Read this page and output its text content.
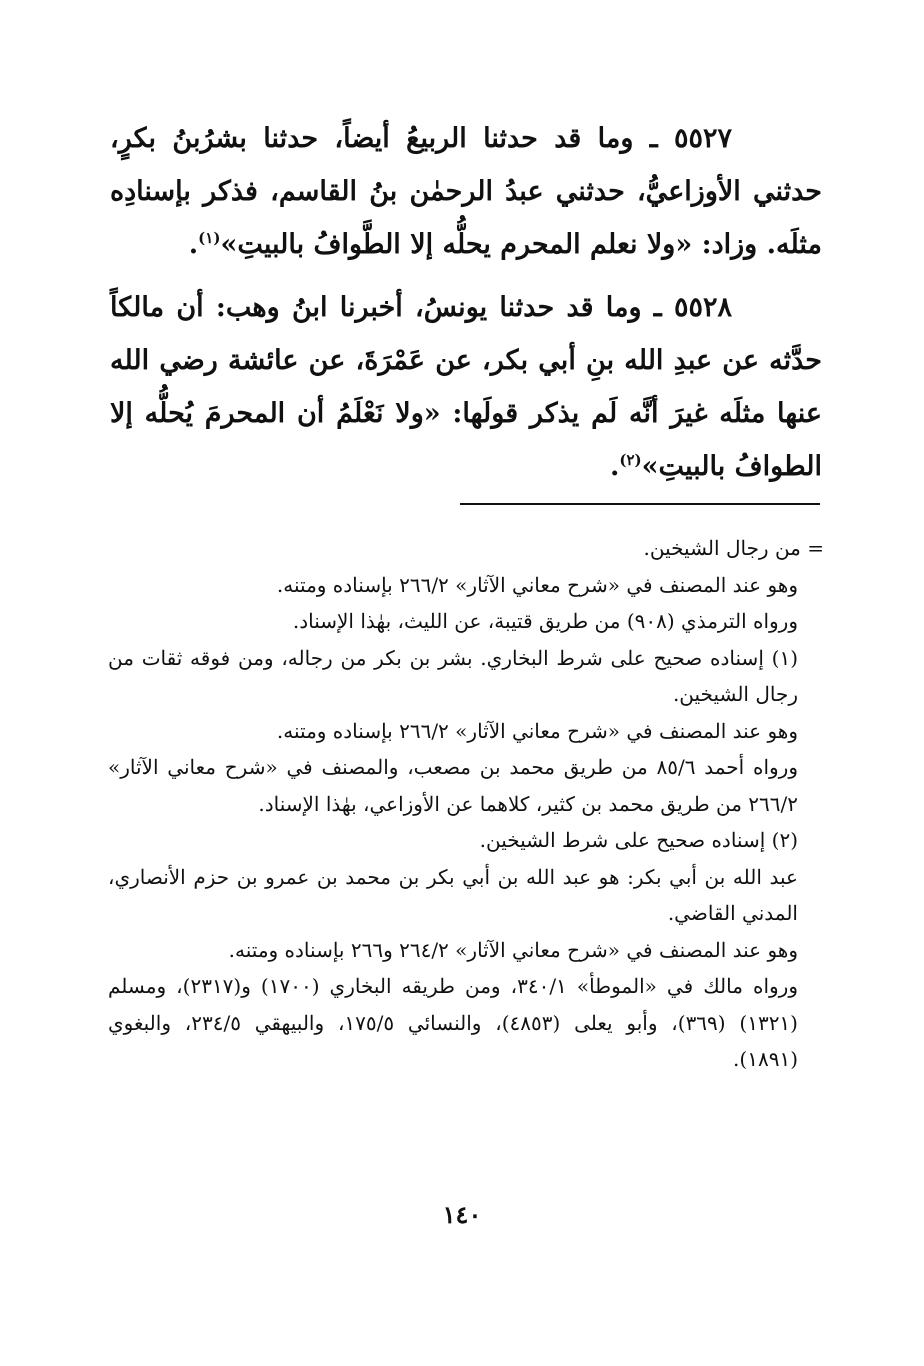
٥٥٢٧ ـ وما قد حدثنا الربيعُ أيضاً، حدثنا بشرُبنُ بكرٍ، حدثني الأوزاعيُّ، حدثني عبدُ الرحمٰن بنُ القاسم، فذكر بإسنادِه مثلَه. وزاد: «ولا نعلم المحرم يحلُّه إلا الطَّوافُ بالبيتِ»$^{(١)}$.

٥٥٢٨ ـ وما قد حدثنا يونسُ، أخبرنا ابنُ وهب: أن مالكاً حدَّثه عن عبدِ الله بنِ أبي بكر، عن عَمْرَةَ، عن عائشة رضي الله عنها مثلَه غيرَ أنَّه لَم يذكر قولَها: «ولا نَعْلَمُ أن المحرمَ يُحلُّه إلا الطوافُ بالبيتِ»$^{(٢)}$.

= من رجال الشيخين.

وهو عند المصنف في «شرح معاني الآثار» ٢٦٦/٢ بإسناده ومتنه.

ورواه الترمذي (٩٠٨) من طريق قتيبة، عن الليث، بهٰذا الإسناد.

(١) إسناده صحيح على شرط البخاري. بشر بن بكر من رجاله، ومن فوقه ثقات من رجال الشيخين.

وهو عند المصنف في «شرح معاني الآثار» ٢٦٦/٢ بإسناده ومتنه.

ورواه أحمد ٨٥/٦ من طريق محمد بن مصعب، والمصنف في «شرح معاني الآثار» ٢٦٦/٢ من طريق محمد بن كثير، كلاهما عن الأوزاعي، بهٰذا الإسناد.

(٢) إسناده صحيح على شرط الشيخين.

عبد الله بن أبي بكر: هو عبد الله بن أبي بكر بن محمد بن عمرو بن حزم الأنصاري، المدني القاضي.

وهو عند المصنف في «شرح معاني الآثار» ٢٦٤/٢ و٢٦٦ بإسناده ومتنه.

ورواه مالك في «الموطأ» ٣٤٠/١، ومن طريقه البخاري (١٧٠٠) و(٢٣١٧)، ومسلم (١٣٢١) (٣٦٩)، وأبو يعلى (٤٨٥٣)، والنسائي ١٧٥/٥، والبيهقي ٢٣٤/٥، والبغوي (١٨٩١).

١٤٠
